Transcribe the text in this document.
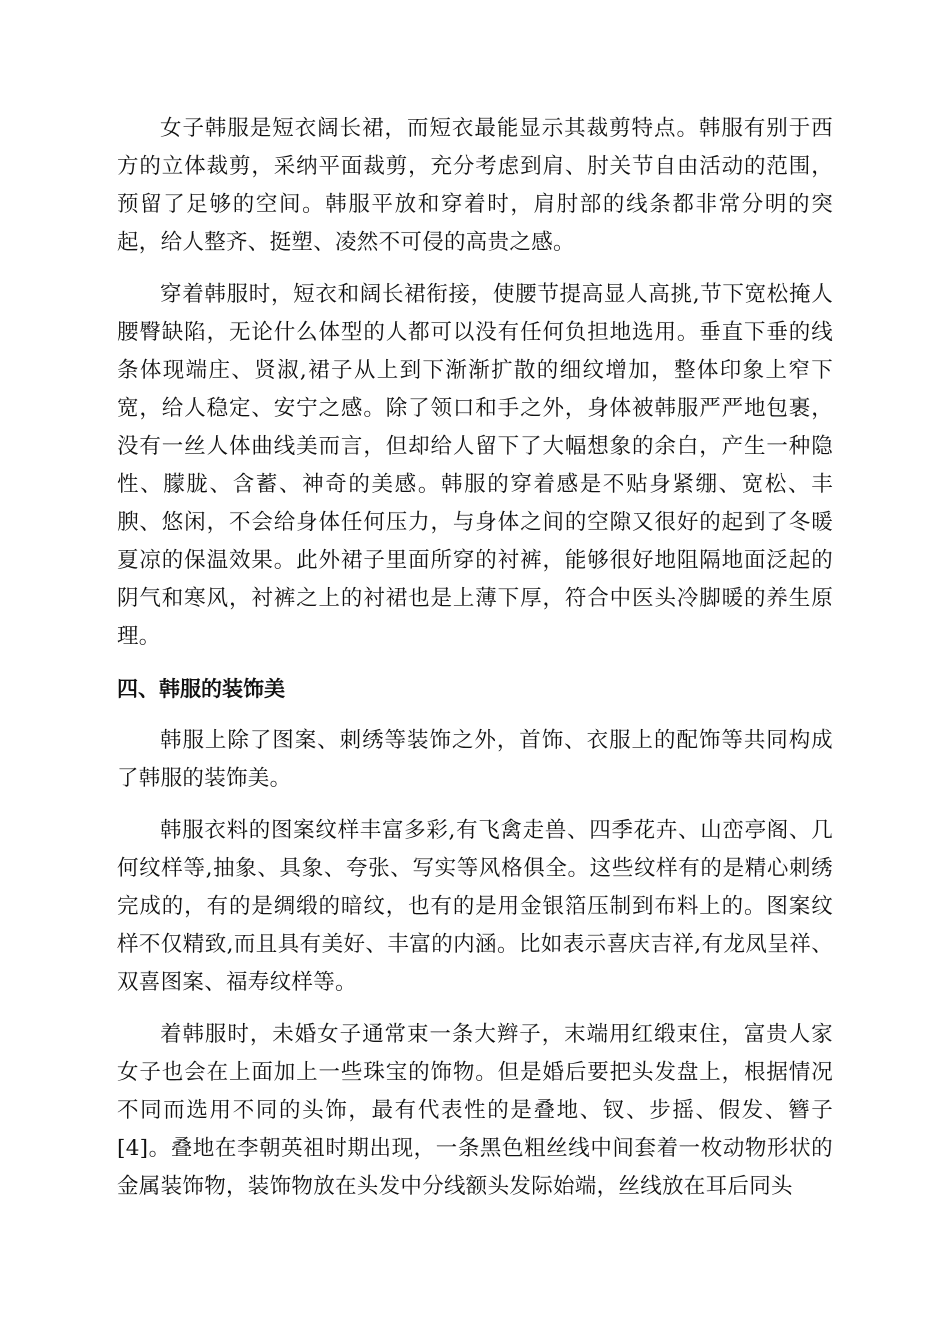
女子韩服是短衣阔长裙，而短衣最能显示其裁剪特点。韩服有别于西方的立体裁剪，采纳平面裁剪，充分考虑到肩、肘关节自由活动的范围，预留了足够的空间。韩服平放和穿着时，肩肘部的线条都非常分明的突起，给人整齐、挺塑、凌然不可侵的高贵之感。

穿着韩服时，短衣和阔长裙衔接，使腰节提高显人高挑,节下宽松掩人腰臀缺陷，无论什么体型的人都可以没有任何负担地选用。垂直下垂的线条体现端庄、贤淑,裙子从上到下渐渐扩散的细纹增加，整体印象上窄下宽，给人稳定、安宁之感。除了领口和手之外，身体被韩服严严地包裹，没有一丝人体曲线美而言，但却给人留下了大幅想象的余白，产生一种隐性、朦胧、含蓄、神奇的美感。韩服的穿着感是不贴身紧绷、宽松、丰腴、悠闲，不会给身体任何压力，与身体之间的空隙又很好的起到了冬暖夏凉的保温效果。此外裙子里面所穿的衬裤，能够很好地阻隔地面泛起的阴气和寒风，衬裤之上的衬裙也是上薄下厚，符合中医头冷脚暖的养生原理。

四、韩服的装饰美

韩服上除了图案、刺绣等装饰之外，首饰、衣服上的配饰等共同构成了韩服的装饰美。

韩服衣料的图案纹样丰富多彩,有飞禽走兽、四季花卉、山峦亭阁、几何纹样等,抽象、具象、夸张、写实等风格俱全。这些纹样有的是精心刺绣完成的，有的是绸缎的暗纹，也有的是用金银箔压制到布料上的。图案纹样不仅精致,而且具有美好、丰富的内涵。比如表示喜庆吉祥,有龙凤呈祥、双喜图案、福寿纹样等。

着韩服时，未婚女子通常束一条大辫子，末端用红缎束住，富贵人家女子也会在上面加上一些珠宝的饰物。但是婚后要把头发盘上，根据情况不同而选用不同的头饰，最有代表性的是叠地、钗、步摇、假发、簪子[4]。叠地在李朝英祖时期出现，一条黑色粗丝线中间套着一枚动物形状的金属装饰物，装饰物放在头发中分线额头发际始端，丝线放在耳后同头
